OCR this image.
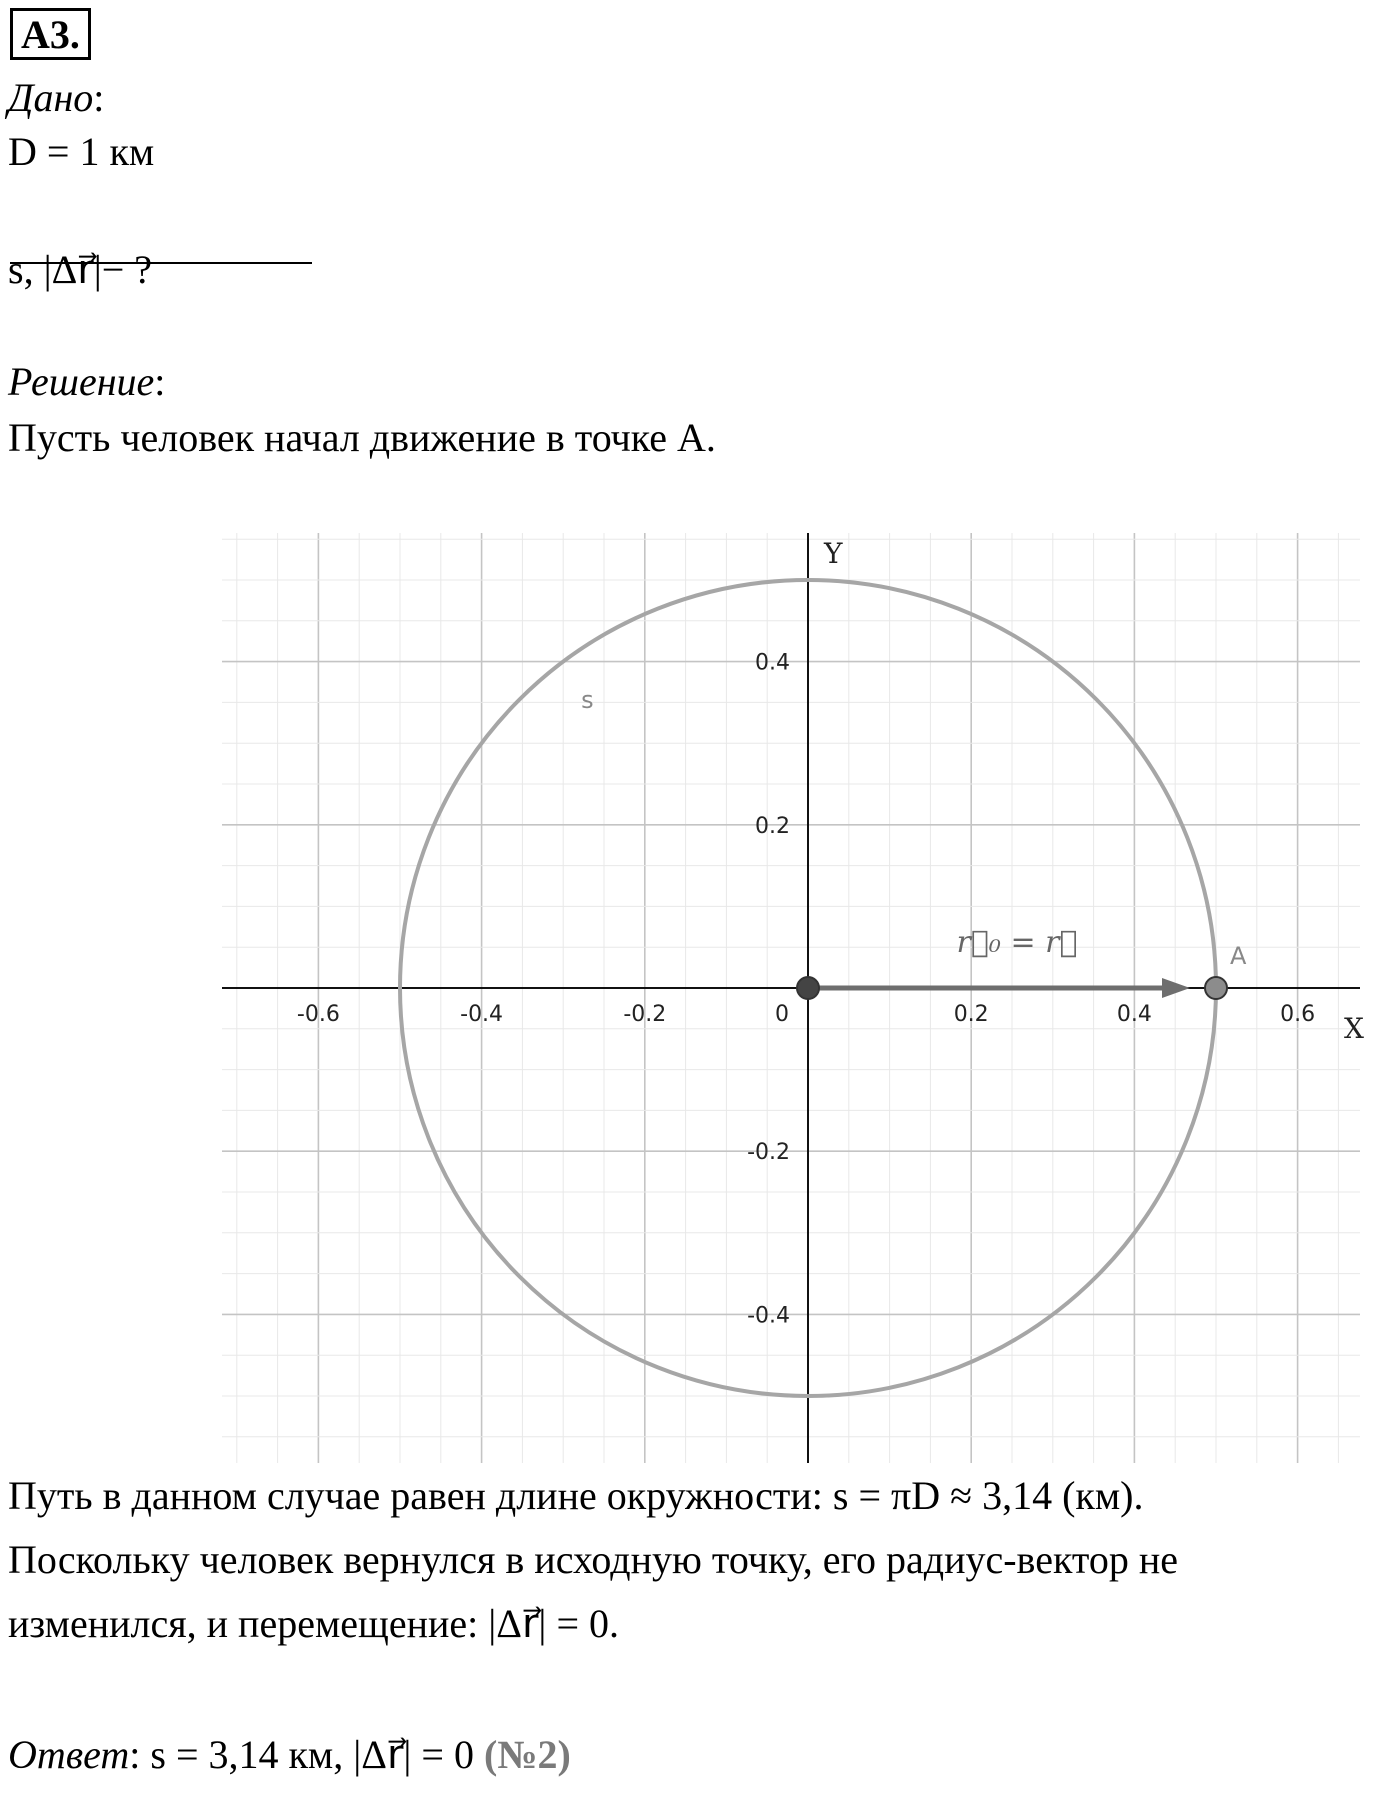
А3.
Дано:
D = 1 км
s, |Δr⃗|− ?
Решение:
Пусть человек начал движение в точке A.
-0.6	-0.4	-0.2	0	0.2	0.4	0.6
0.4
0.2
-0.2
-0.4
X
Y
s
r⃗₀ = r⃗	A
Путь в данном случае равен длине окружности: s = πD ≈ 3,14 (км).
Поскольку человек вернулся в исходную точку, его радиус-вектор не
изменился, и перемещение: |Δr⃗| = 0.
Ответ: s = 3,14 км, |Δr⃗| = 0 (№2)
